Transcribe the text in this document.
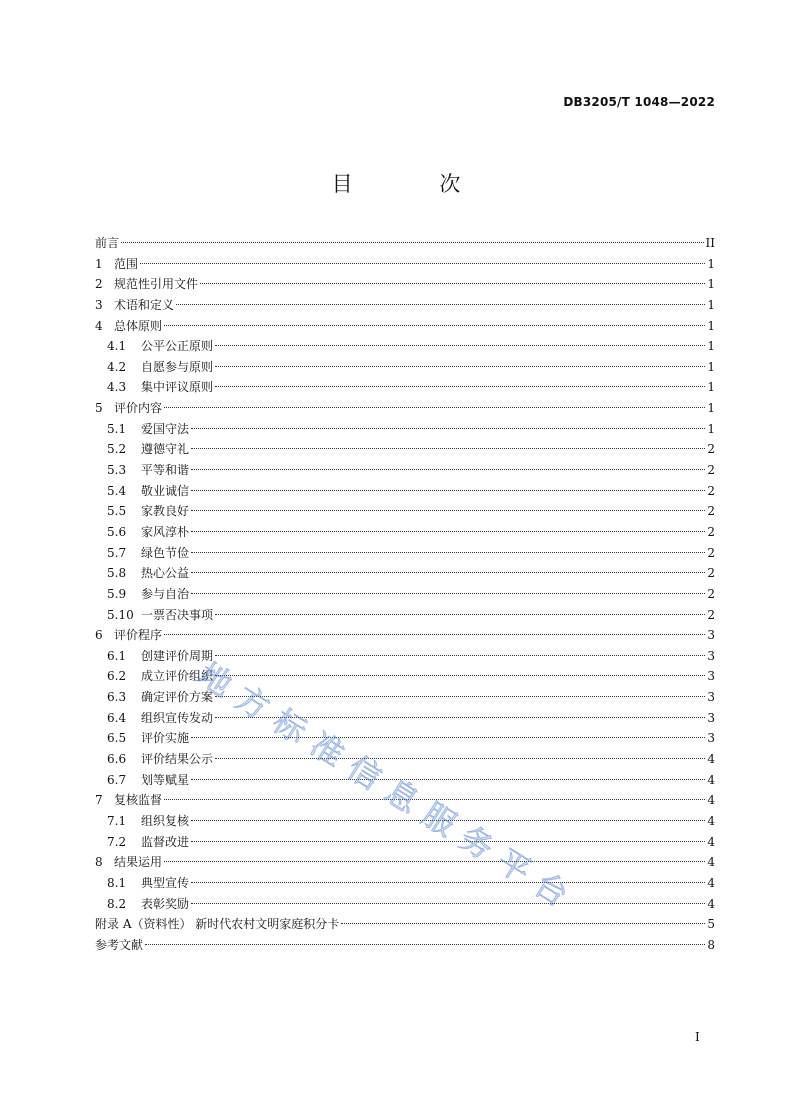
DB3205/T 1048—2022
目 次
前言	II
1 范围	1
2 规范性引用文件	1
3 术语和定义	1
4 总体原则	1
4.1	公平公正原则	1
4.2	自愿参与原则	1
4.3	集中评议原则	1
5 评价内容	1
5.1	爱国守法	1
5.2	遵德守礼	2
5.3	平等和谐	2
5.4	敬业诚信	2
5.5	家教良好	2
5.6	家风淳朴	2
5.7	绿色节俭	2
5.8	热心公益	2
5.9	参与自治	2
5.10 一票否决事项	2
6 评价程序	3
6.1	创建评价周期	3
6.2	成立评价组织	3
6.3	确定评价方案	3
6.4	组织宣传发动	3
6.5	评价实施	3
6.6	评价结果公示	4
6.7	划等赋星	4
7 复核监督	4
7.1	组织复核	4
7.2	监督改进	4
8 结果运用	4
8.1	典型宣传	4
8.2	表彰奖励	4
附录 A（资料性） 新时代农村文明家庭积分卡	5
参考文献	8
地方标准信息服务平台
I
